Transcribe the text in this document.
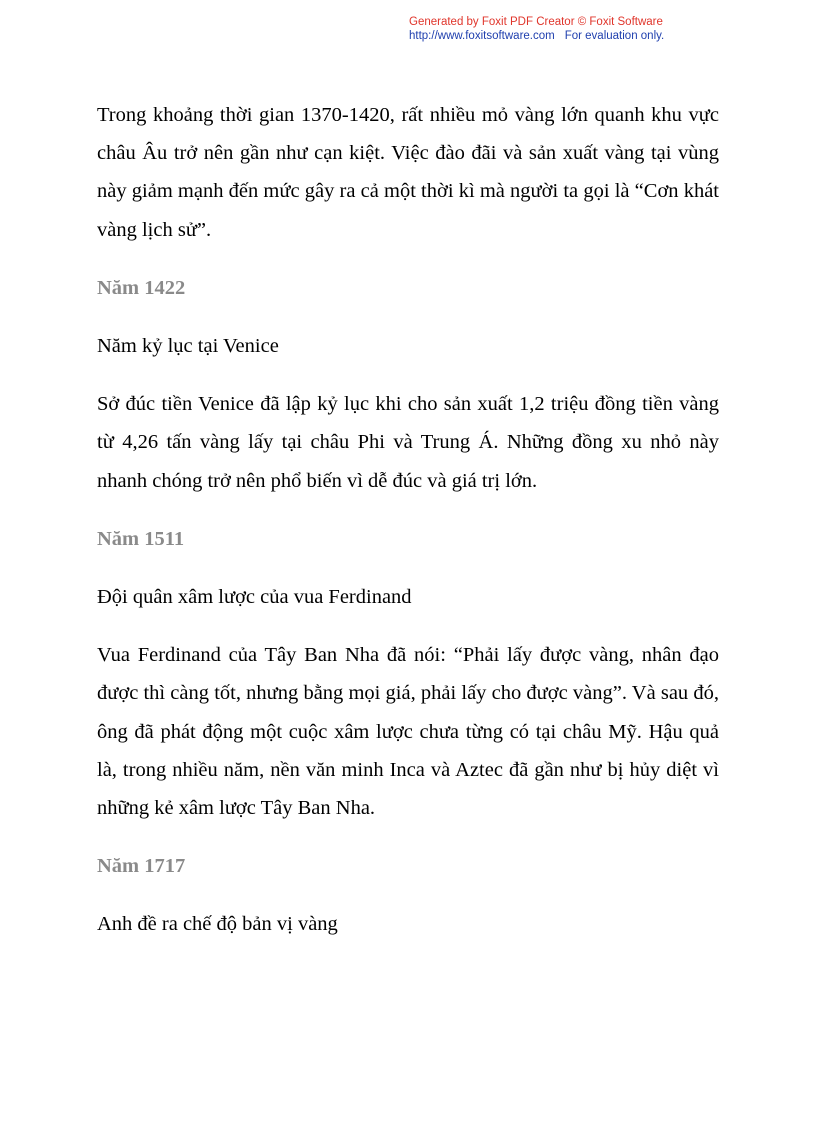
Generated by Foxit PDF Creator © Foxit Software
http://www.foxitsoftware.com For evaluation only.

Trong khoảng thời gian 1370-1420, rất nhiều mỏ vàng lớn quanh khu vực châu Âu trở nên gần như cạn kiệt. Việc đào đãi và sản xuất vàng tại vùng này giảm mạnh đến mức gây ra cả một thời kì mà người ta gọi là “Cơn khát vàng lịch sử”.

Năm 1422

Năm kỷ lục tại Venice

Sở đúc tiền Venice đã lập kỷ lục khi cho sản xuất 1,2 triệu đồng tiền vàng từ 4,26 tấn vàng lấy tại châu Phi và Trung Á. Những đồng xu nhỏ này nhanh chóng trở nên phổ biến vì dễ đúc và giá trị lớn.

Năm 1511

Đội quân xâm lược của vua Ferdinand

Vua Ferdinand của Tây Ban Nha đã nói: “Phải lấy được vàng, nhân đạo được thì càng tốt, nhưng bằng mọi giá, phải lấy cho được vàng”. Và sau đó, ông đã phát động một cuộc xâm lược chưa từng có tại châu Mỹ. Hậu quả là, trong nhiều năm, nền văn minh Inca và Aztec đã gần như bị hủy diệt vì những kẻ xâm lược Tây Ban Nha.

Năm 1717

Anh đề ra chế độ bản vị vàng
